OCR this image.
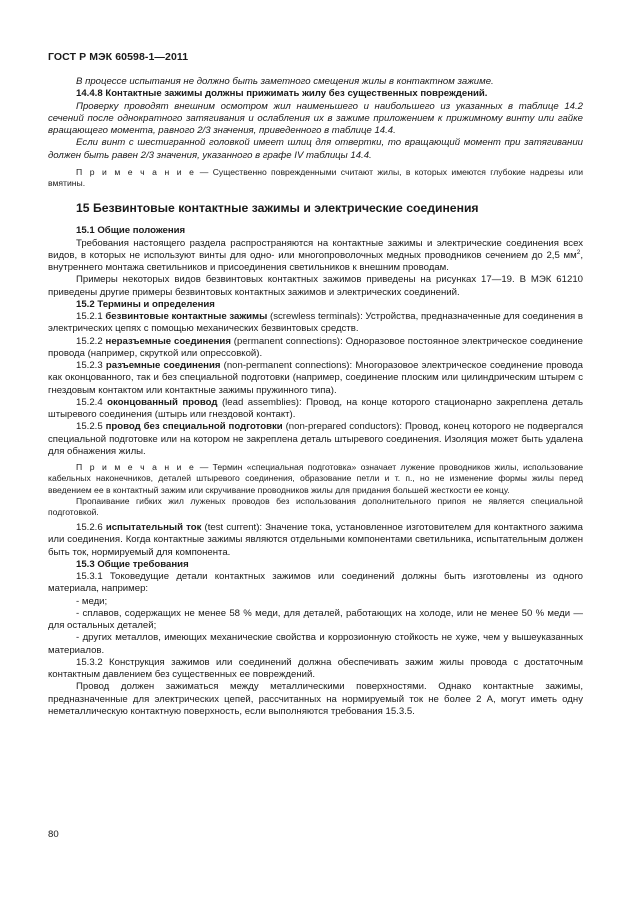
ГОСТ Р МЭК 60598-1—2011

В процессе испытания не должно быть заметного смещения жилы в контактном зажиме.

14.4.8 Контактные зажимы должны прижимать жилу без существенных повреждений.

Проверку проводят внешним осмотром жил наименьшего и наибольшего из указанных в таблице 14.2 сечений после однократного затягивания и ослабления их в зажиме приложением к прижимному винту или гайке вращающего момента, равного 2/3 значения, приведенного в таблице 14.4.

Если винт с шестигранной головкой имеет шлиц для отвертки, то вращающий момент при затягивании должен быть равен 2/3 значения, указанного в графе IV таблицы 14.4.

П р и м е ч а н и е — Существенно поврежденными считают жилы, в которых имеются глубокие надрезы или вмятины.

15 Безвинтовые контактные зажимы и электрические соединения

15.1 Общие положения

Требования настоящего раздела распространяются на контактные зажимы и электрические соединения всех видов, в которых не используют винты для одно- или многопроволочных медных проводников сечением до 2,5 $мм^2$, внутреннего монтажа светильников и присоединения светильников к внешним проводам.

Примеры некоторых видов безвинтовых контактных зажимов приведены на рисунках 17—19. В МЭК 61210 приведены другие примеры безвинтовых контактных зажимов и электрических соединений.

15.2 Термины и определения

15.2.1 безвинтовые контактные зажимы (screwless terminals): Устройства, предназначенные для соединения в электрических цепях с помощью механических безвинтовых средств.

15.2.2 неразъемные соединения (permanent connections): Одноразовое постоянное электрическое соединение провода (например, скруткой или опрессовкой).

15.2.3 разъемные соединения (non-permanent connections): Многоразовое электрическое соединение провода как оконцованного, так и без специальной подготовки (например, соединение плоским или цилиндрическим штырем с гнездовым контактом или контактные зажимы пружинного типа).

15.2.4 оконцованный провод (lead assemblies): Провод, на конце которого стационарно закреплена деталь штыревого соединения (штырь или гнездовой контакт).

15.2.5 провод без специальной подготовки (non-prepared conductors): Провод, конец которого не подвергался специальной подготовке или на котором не закреплена деталь штыревого соединения. Изоляция может быть удалена для обнажения жилы.

П р и м е ч а н и е — Термин «специальная подготовка» означает лужение проводников жилы, использование кабельных наконечников, деталей штыревого соединения, образование петли и т. п., но не изменение формы жилы перед введением ее в контактный зажим или скручивание проводников жилы для придания большей жесткости ее концу.

Пропаивание гибких жил луженых проводов без использования дополнительного припоя не является специальной подготовкой.

15.2.6 испытательный ток (test current): Значение тока, установленное изготовителем для контактного зажима или соединения. Когда контактные зажимы являются отдельными компонентами светильника, испытательным должен быть ток, нормируемый для компонента.

15.3 Общие требования

15.3.1 Токоведущие детали контактных зажимов или соединений должны быть изготовлены из одного материала, например:

- меди;

- сплавов, содержащих не менее 58 % меди, для деталей, работающих на холоде, или не менее 50 % меди — для остальных деталей;

- других металлов, имеющих механические свойства и коррозионную стойкость не хуже, чем у вышеуказанных материалов.

15.3.2 Конструкция зажимов или соединений должна обеспечивать зажим жилы провода с достаточным контактным давлением без существенных ее повреждений.

Провод должен зажиматься между металлическими поверхностями. Однако контактные зажимы, предназначенные для электрических цепей, рассчитанных на нормируемый ток не более 2 А, могут иметь одну неметаллическую контактную поверхность, если выполняются требования 15.3.5.

80
